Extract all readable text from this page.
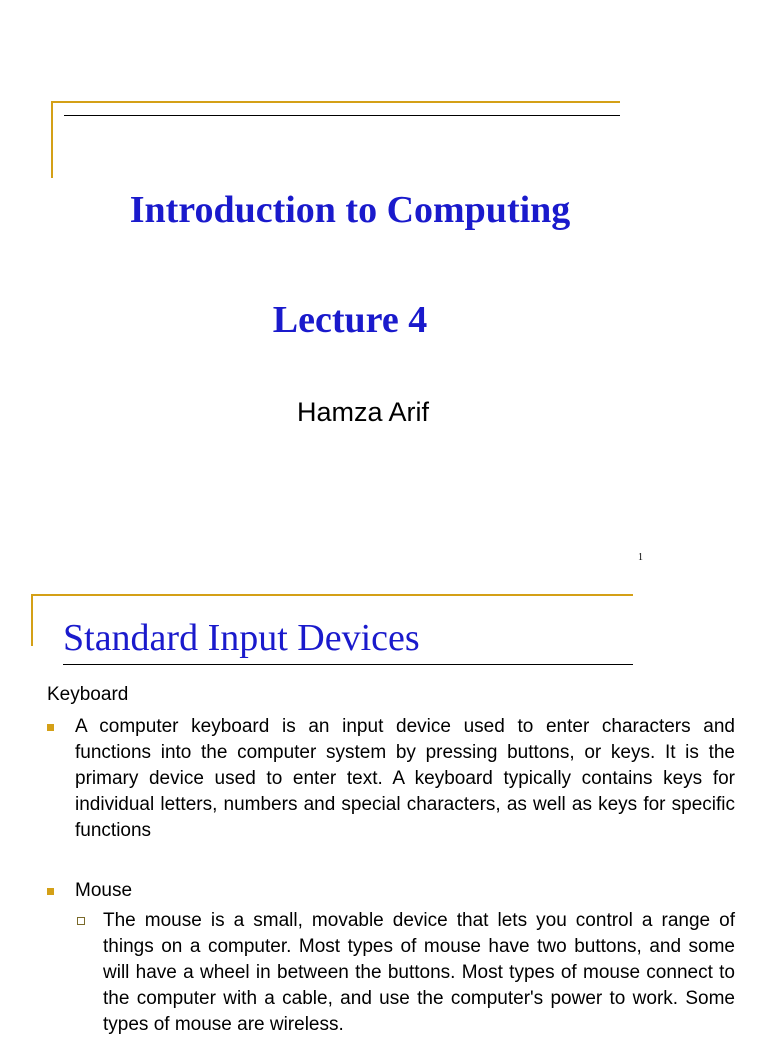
Introduction to Computing
Lecture 4
Hamza Arif
1
Standard Input Devices
Keyboard
A computer keyboard is an input device used to enter characters and functions into the computer system by pressing buttons, or keys. It is the primary device used to enter text. A keyboard typically contains keys for individual letters, numbers and special characters, as well as keys for specific functions
Mouse
The mouse is a small, movable device that lets you control a range of things on a computer. Most types of mouse have two buttons, and some will have a wheel in between the buttons. Most types of mouse connect to the computer with a cable, and use the computer's power to work. Some types of mouse are wireless.
